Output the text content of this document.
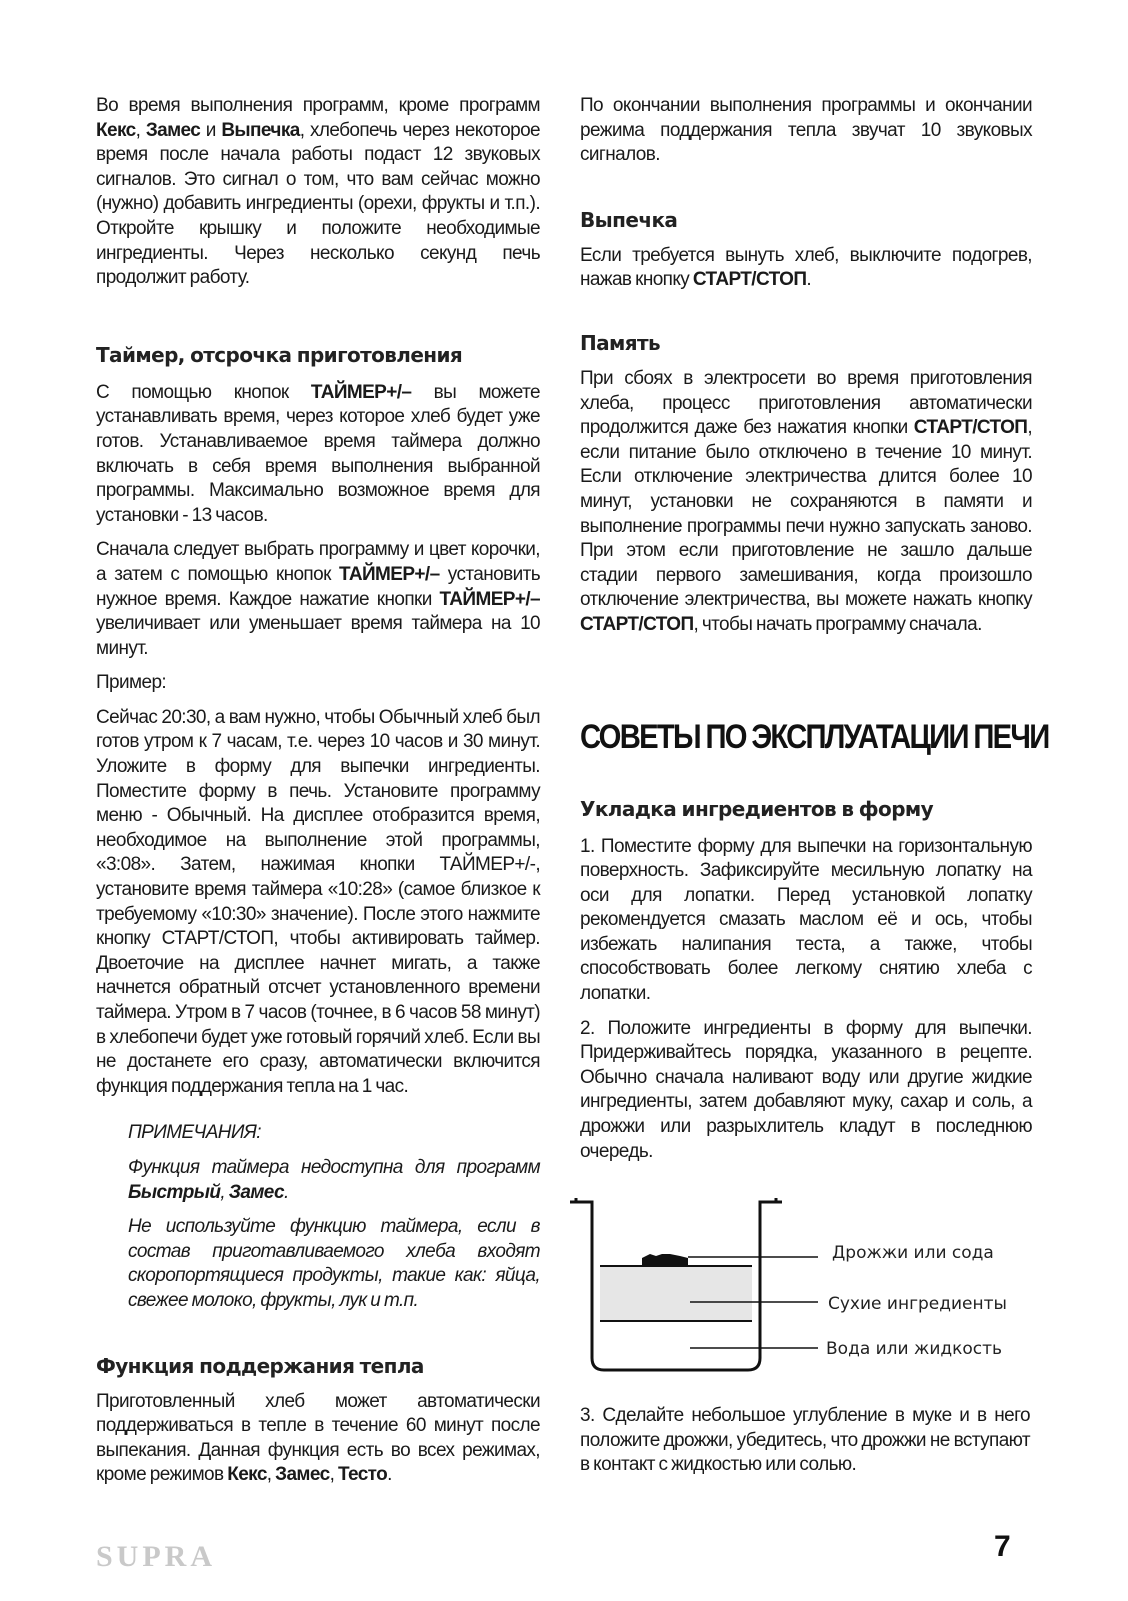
Во время выполнения программ, кроме программ Кекс, Замес и Выпечка, хлебопечь через некоторое время после начала работы подаст 12 звуковых сигналов. Это сигнал о том, что вам сейчас можно (нужно) добавить ингредиенты (орехи, фрукты и т.п.). Откройте крышку и положите необходимые ингредиенты. Через несколько секунд печь продолжит работу.

Таймер, отсрочка приготовления

С помощью кнопок ТАЙМЕР+/– вы можете устанавливать время, через которое хлеб будет уже готов. Устанавливаемое время таймера должно включать в себя время выполнения выбранной программы. Максимально возможное время для установки - 13 часов.

Сначала следует выбрать программу и цвет корочки, а затем с помощью кнопок ТАЙМЕР+/– установить нужное время. Каждое нажатие кнопки ТАЙМЕР+/– увеличивает или уменьшает время таймера на 10 минут.

Пример:

Сейчас 20:30, а вам нужно, чтобы Обычный хлеб был готов утром к 7 часам, т.е. через 10 часов и 30 минут. Уложите в форму для выпечки ингредиенты. Поместите форму в печь. Установите программу меню - Обычный. На дисплее отобразится время, необходимое на выполнение этой программы, «3:08». Затем, нажимая кнопки ТАЙМЕР+/-, установите время таймера «10:28» (самое близкое к требуемому «10:30» значение). После этого нажмите кнопку СТАРТ/СТОП, чтобы активировать таймер. Двоеточие на дисплее начнет мигать, а также начнется обратный отсчет установленного времени таймера. Утром в 7 часов (точнее, в 6 часов 58 минут) в хлебопечи будет уже готовый горячий хлеб. Если вы не достанете его сразу, автоматически включится функция поддержания тепла на 1 час.

ПРИМЕЧАНИЯ:

Функция таймера недоступна для программ Быстрый, Замес.

Не используйте функцию таймера, если в состав приготавливаемого хлеба входят скоропортящиеся продукты, такие как: яйца, свежее молоко, фрукты, лук и т.п.

Функция поддержания тепла

Приготовленный хлеб может автоматически поддерживаться в тепле в течение 60 минут после выпекания. Данная функция есть во всех режимах, кроме режимов Кекс, Замес, Тесто.

По окончании выполнения программы и окончании режима поддержания тепла звучат 10 звуковых сигналов.

Выпечка

Если требуется вынуть хлеб, выключите подогрев, нажав кнопку СТАРТ/СТОП.

Память

При сбоях в электросети во время приготовления хлеба, процесс приготовления автоматически продолжится даже без нажатия кнопки СТАРТ/СТОП, если питание было отключено в течение 10 минут. Если отключение электричества длится более 10 минут, установки не сохраняются в памяти и выполнение программы печи нужно запускать заново. При этом если приготовление не зашло дальше стадии первого замешивания, когда произошло отключение электричества, вы можете нажать кнопку СТАРТ/СТОП, чтобы начать программу сначала.

СОВЕТЫ ПО ЭКСПЛУАТАЦИИ ПЕЧИ
Укладка ингредиентов в форму

1. Поместите форму для выпечки на горизонтальную поверхность. Зафиксируйте месильную лопатку на оси для лопатки. Перед установкой лопатку рекомендуется смазать маслом её и ось, чтобы избежать налипания теста, а также, чтобы способствовать более легкому снятию хлеба с лопатки.

2. Положите ингредиенты в форму для выпечки. Придерживайтесь порядка, указанного в рецепте. Обычно сначала наливают воду или другие жидкие ингредиенты, затем добавляют муку, сахар и соль, а дрожжи или разрыхлитель кладут в последнюю очередь.

Дрожжи или сода
Сухие ингредиенты
Вода или жидкость

3. Сделайте небольшое углубление в муке и в него положите дрожжи, убедитесь, что дрожжи не вступают в контакт с жидкостью или солью.

SUPRA	7
